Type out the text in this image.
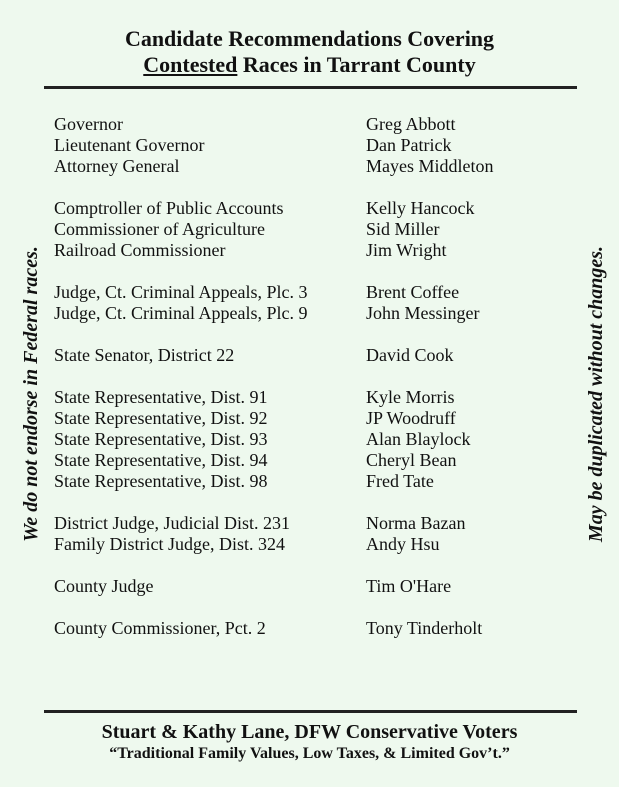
Candidate Recommendations Covering
Contested Races in Tarrant County
We do not endorse in Federal races.	May be duplicated without changes.
Governor	Greg Abbott
Lieutenant Governor	Dan Patrick
Attorney General	Mayes Middleton
Comptroller of Public Accounts	Kelly Hancock
Commissioner of Agriculture	Sid Miller
Railroad Commissioner	Jim Wright
Judge, Ct. Criminal Appeals, Plc. 3	Brent Coffee
Judge, Ct. Criminal Appeals, Plc. 9	John Messinger
State Senator, District 22	David Cook
State Representative, Dist. 91	Kyle Morris
State Representative, Dist. 92	JP Woodruff
State Representative, Dist. 93	Alan Blaylock
State Representative, Dist. 94	Cheryl Bean
State Representative, Dist. 98	Fred Tate
District Judge, Judicial Dist. 231	Norma Bazan
Family District Judge, Dist. 324	Andy Hsu
County Judge	Tim O'Hare
County Commissioner, Pct. 2	Tony Tinderholt
Stuart & Kathy Lane, DFW Conservative Voters
“Traditional Family Values, Low Taxes, & Limited Gov’t.”
